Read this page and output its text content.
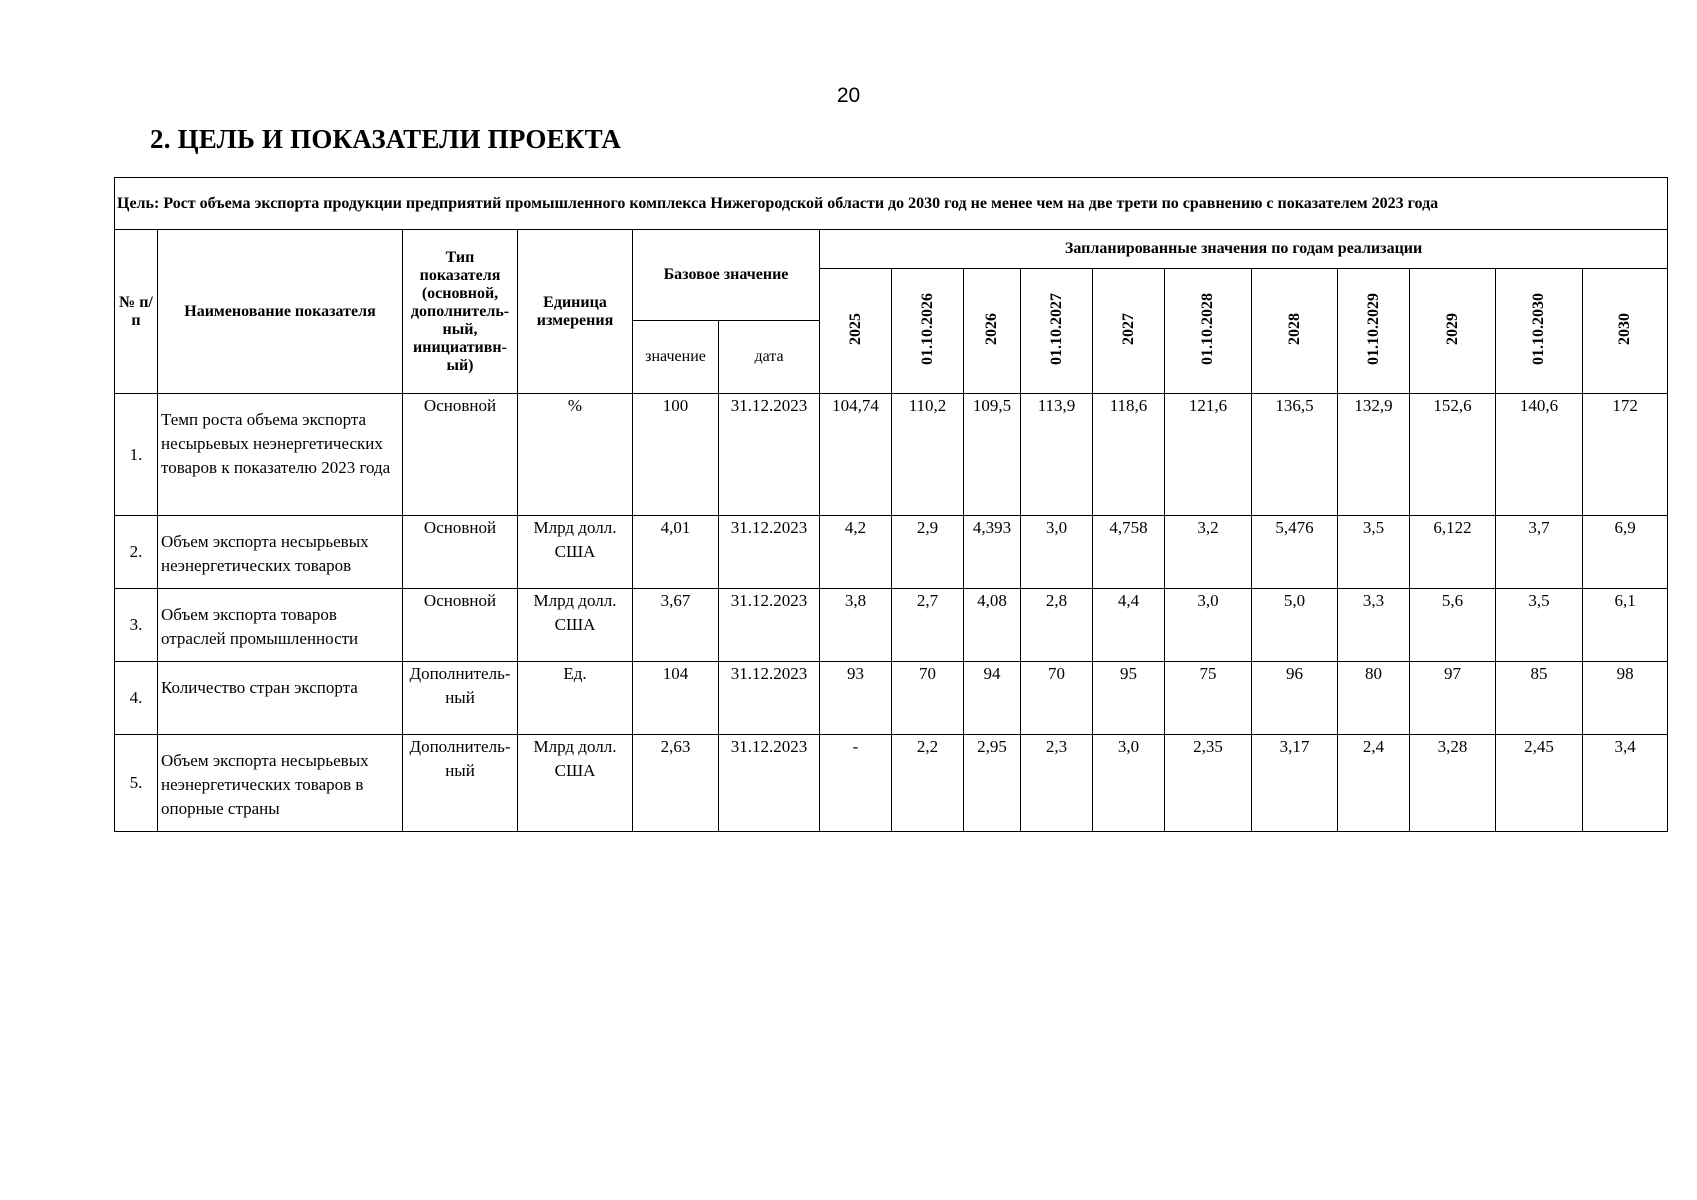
20
2. ЦЕЛЬ И ПОКАЗАТЕЛИ ПРОЕКТА
Цель: Рост объема экспорта продукции предприятий промышленного комплекса Нижегородской области до 2030 год не менее чем на две трети по сравнению с показателем 2023 года																
№ п/п	Наименование показателя	Тип показателя (основной, дополнительный, инициативный)	Единица измерения	Базовое значение		Запланированные значения по годам реализации										
						2025	01.10.2026	2026	01.10.2027	2027	01.10.2028	2028	01.10.2029	2029	01.10.2030	2030
				значение	дата											
1.	Темп роста объема экспорта несырьевых неэнергетических товаров к показателю 2023 года	Основной	%	100	31.12.2023	104,74	110,2	109,5	113,9	118,6	121,6	136,5	132,9	152,6	140,6	172
2.	Объем экспорта несырьевых неэнергетических товаров	Основной	Млрд долл. США	4,01	31.12.2023	4,2	2,9	4,393	3,0	4,758	3,2	5,476	3,5	6,122	3,7	6,9
3.	Объем экспорта товаров отраслей промышленности	Основной	Млрд долл. США	3,67	31.12.2023	3,8	2,7	4,08	2,8	4,4	3,0	5,0	3,3	5,6	3,5	6,1
4.	Количество стран экспорта	Дополнительный	Ед.	104	31.12.2023	93	70	94	70	95	75	96	80	97	85	98
5.	Объем экспорта несырьевых неэнергетических товаров в опорные страны	Дополнительный	Млрд долл. США	2,63	31.12.2023	-	2,2	2,95	2,3	3,0	2,35	3,17	2,4	3,28	2,45	3,4
